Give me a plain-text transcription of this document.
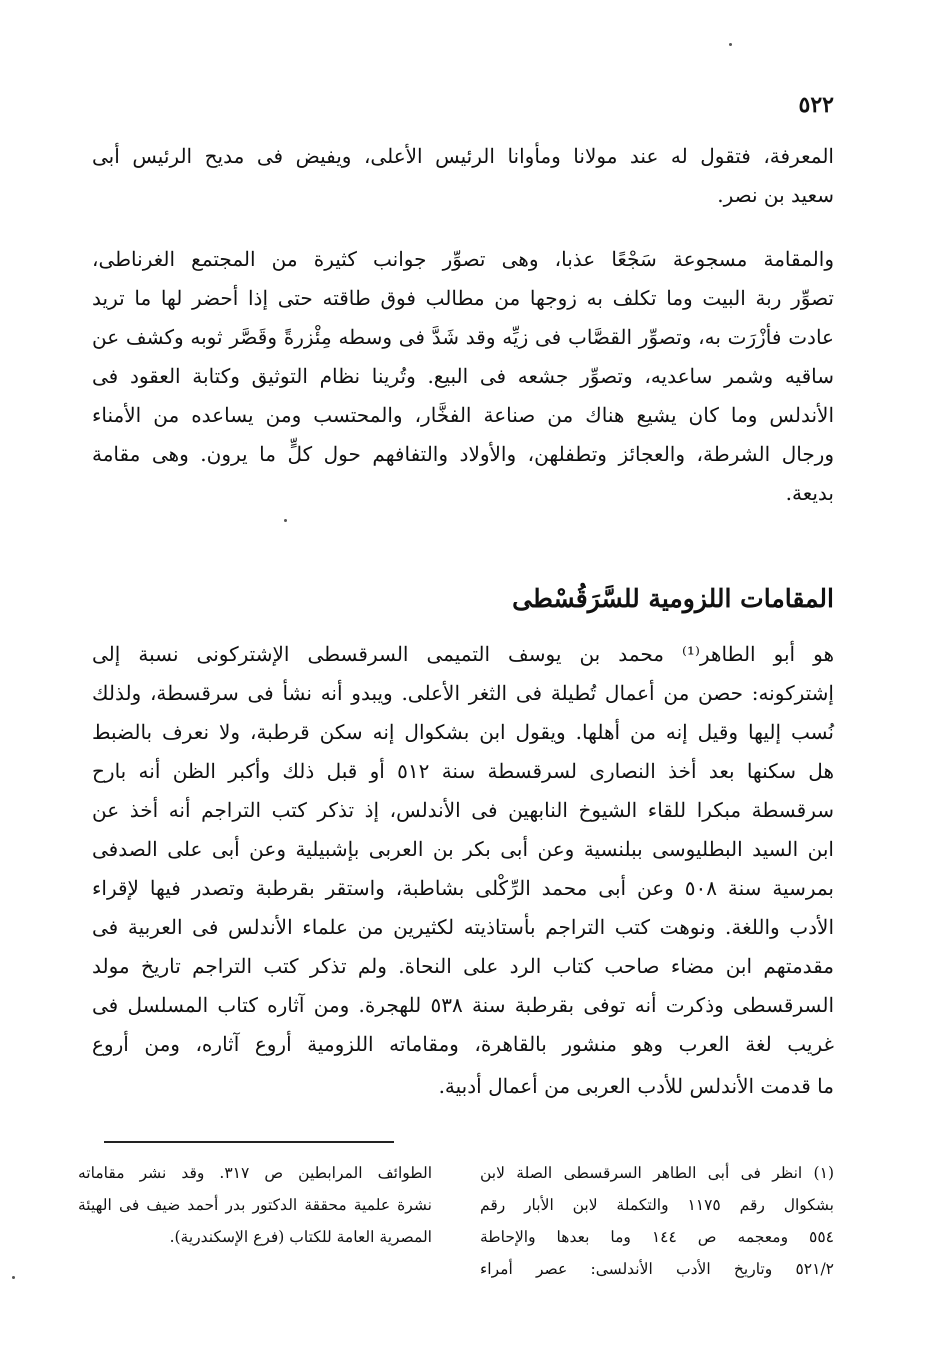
٥٢٢
المعرفة، فتقول له عند مولانا ومأوانا الرئيس الأعلى، ويفيض فى مديح الرئيس أبى
سعيد بن نصر.
والمقامة مسجوعة سَجْعًا عذبا، وهى تصوِّر جوانب كثيرة من المجتمع الغرناطى،
تصوِّر ربة البيت وما تكلف به زوجها من مطالب فوق طاقته حتى إذا أحضر لها ما تريد
عادت فأزْرَت به، وتصوِّر القصَّاب فى زيِّه وقد شَدَّ فى وسطه مِئْزرةً وقَصَّر ثوبه وكشف عن
ساقيه وشمر ساعديه، وتصوِّر جشعه فى البيع. وتُرينا نظام التوثيق وكتابة العقود فى
الأندلس وما كان يشيع هناك من صناعة الفخَّار، والمحتسب ومن يساعده من الأمناء
ورجال الشرطة، والعجائز وتطفلهن، والأولاد والتفافهم حول كلٍّ ما يرون. وهى مقامة
بديعة.
المقامات اللزومية للسَّرَقُسْطى
هو أبو الطاهر⁽¹⁾ محمد بن يوسف التميمى السرقسطى الإشتركونى نسبة إلى
إشتركونه: حصن من أعمال تُطيلة فى الثغر الأعلى. ويبدو أنه نشأ فى سرقسطة، ولذلك
نُسب إليها وقيل إنه من أهلها. ويقول ابن بشكوال إنه سكن قرطبة، ولا نعرف بالضبط
هل سكنها بعد أخذ النصارى لسرقسطة سنة ٥١٢ أو قبل ذلك وأكبر الظن أنه بارح
سرقسطة مبكرا للقاء الشيوخ النابهين فى الأندلس، إذ تذكر كتب التراجم أنه أخذ عن
ابن السيد البطليوسى ببلنسية وعن أبى بكر بن العربى بإشبيلية وعن أبى على الصدفى
بمرسية سنة ٥٠٨ وعن أبى محمد الرِّكْلى بشاطبة، واستقر بقرطبة وتصدر فيها لإقراء
الأدب واللغة. ونوهت كتب التراجم بأستاذيته لكثيرين من علماء الأندلس فى العربية فى
مقدمتهم ابن مضاء صاحب كتاب الرد على النحاة. ولم تذكر كتب التراجم تاريخ مولد
السرقسطى وذكرت أنه توفى بقرطبة سنة ٥٣٨ للهجرة. ومن آثاره كتاب المسلسل فى
غريب لغة العرب وهو منشور بالقاهرة، ومقاماته اللزومية أروع آثاره، ومن أروع
ما قدمت الأندلس للأدب العربى من أعمال أدبية.
(١) انظر فى أبى الطاهر السرقسطى الصلة لابن
بشكوال رقم ١١٧٥ والتكملة لابن الأبار رقم
٥٥٤ ومعجمه ص ١٤٤ وما بعدها والإحاطة
٥٢١/٢ وتاريخ الأدب الأندلسى: عصر أمراء
الطوائف المرابطين ص ٣١٧. وقد نشر مقاماته
نشرة علمية محققة الدكتور بدر أحمد ضيف فى الهيئة
المصرية العامة للكتاب (فرع الإسكندرية).
